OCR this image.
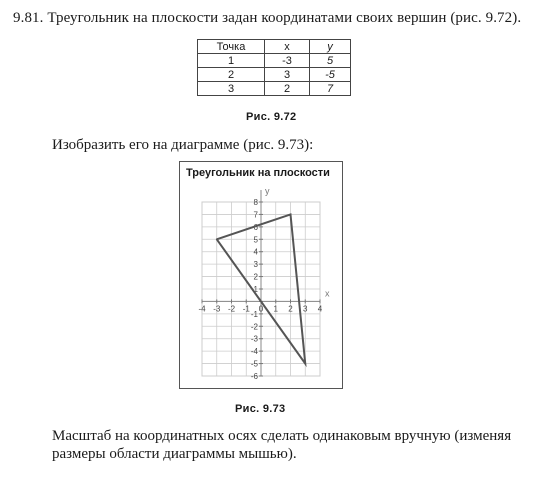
9.81. Треугольник на плоскости задан координатами своих вершин (рис. 9.72).
Точка	x	y
1	-3	5
2	3	-5
3	2	7
Рис. 9.72
Изобразить его на диаграмме (рис. 9.73):
x
y
-4 -3 -2 -1 0 1 2 3 4
-6
-5
-4
-3
-2
-1
1
2
3
4
5
6
7
8
Треугольник на плоскости
Рис. 9.73
Масштаб на координатных осях сделать одинаковым вручную (изменяя размеры области диаграммы мышью).
